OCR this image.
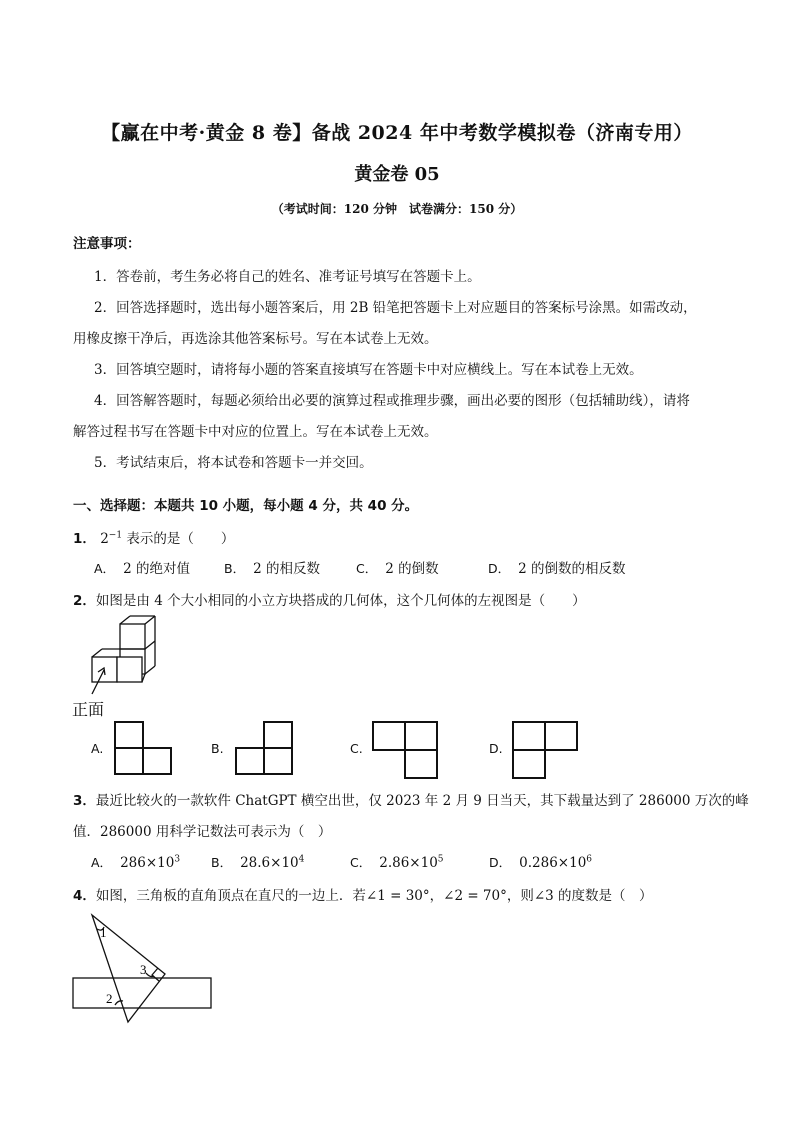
【赢在中考·黄金 8 卷】备战 2024 年中考数学模拟卷（济南专用）
黄金卷 05
（考试时间：120 分钟　试卷满分：150 分）
注意事项：
1．答卷前，考生务必将自己的姓名、准考证号填写在答题卡上。
2．回答选择题时，选出每小题答案后，用 2B 铅笔把答题卡上对应题目的答案标号涂黑。如需改动，
用橡皮擦干净后，再选涂其他答案标号。写在本试卷上无效。
3．回答填空题时，请将每小题的答案直接填写在答题卡中对应横线上。写在本试卷上无效。
4．回答解答题时，每题必须给出必要的演算过程或推理步骤，画出必要的图形（包括辅助线），请将
解答过程书写在答题卡中对应的位置上。写在本试卷上无效。
5．考试结束后，将本试卷和答题卡一并交回。
一、选择题：本题共 10 小题，每小题 4 分，共 40 分。
1． $2^{-1}$ 表示的是（　　）
A． 2 的绝对值	B． 2 的相反数	C． 2 的倒数	D． 2 的倒数的相反数
2．如图是由 4 个大小相同的小立方块搭成的几何体，这个几何体的左视图是（　　）
正面
A.	B.	C.	D.
3．最近比较火的一款软件 ChatGPT 横空出世，仅 2023 年 2 月 9 日当天，其下载量达到了 286000 万次的峰
值．286000 用科学记数法可表示为（　）
A． $286\times 10^3$ B． $28.6\times 10^4$	C． $2.86\times 10^5$	D． $0.286\times 10^6$
4．如图，三角板的直角顶点在直尺的一边上．若∠1 = 30°，∠2 = 70°，则∠3 的度数是（　）
1
3
2
